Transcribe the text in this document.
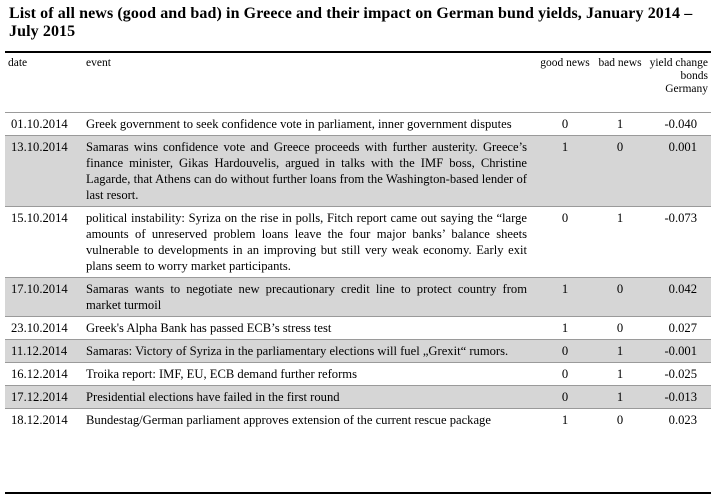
List of all news (good and bad) in Greece and their impact on German bund yields, January 2014 – July 2015
date	event	good news	bad news	yield change bonds Germany
01.10.2014	Greek government to seek confidence vote in parliament, inner government disputes	0	1	-0.040
13.10.2014	Samaras wins confidence vote and Greece proceeds with further austerity. Greece’s finance minister, Gikas Hardouvelis, argued in talks with the IMF boss, Christine Lagarde, that Athens can do without further loans from the Washington-based lender of last resort.	1	0	0.001
15.10.2014	political instability: Syriza on the rise in polls, Fitch report came out saying the “large amounts of unreserved problem loans leave the four major banks’ balance sheets vulnerable to developments in an improving but still very weak economy. Early exit plans seem to worry market participants.	0	1	-0.073
17.10.2014	Samaras wants to negotiate new precautionary credit line to protect country from market turmoil	1	0	0.042
23.10.2014	Greek's Alpha Bank has passed ECB’s stress test	1	0	0.027
11.12.2014	Samaras: Victory of Syriza in the parliamentary elections will fuel „Grexit“ rumors.	0	1	-0.001
16.12.2014	Troika report: IMF, EU, ECB demand further reforms	0	1	-0.025
17.12.2014	Presidential elections have failed in the first round	0	1	-0.013
18.12.2014	Bundestag/German parliament approves extension of the current rescue package	1	0	0.023
